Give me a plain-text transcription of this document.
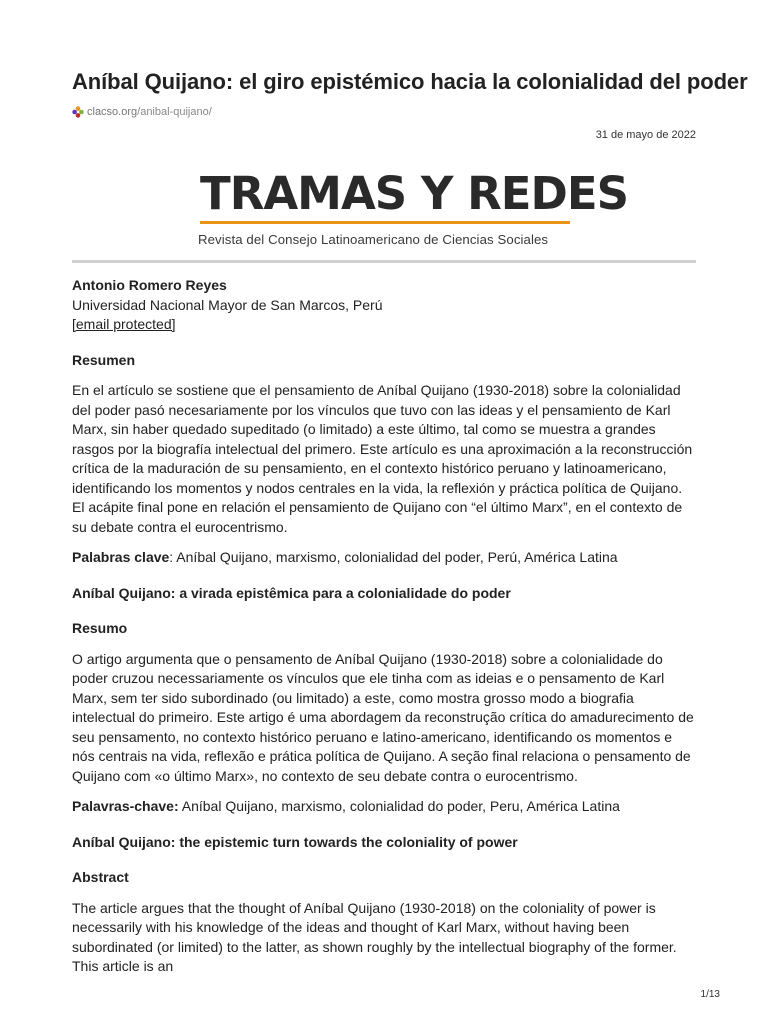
Aníbal Quijano: el giro epistémico hacia la colonialidad del poder
clacso.org/anibal-quijano/
31 de mayo de 2022
TRAMAS Y REDES
Revista del Consejo Latinoamericano de Ciencias Sociales
Antonio Romero Reyes
Universidad Nacional Mayor de San Marcos, Perú
[email protected]

Resumen

En el artículo se sostiene que el pensamiento de Aníbal Quijano (1930-2018) sobre la colonialidad del poder pasó necesariamente por los vínculos que tuvo con las ideas y el pensamiento de Karl Marx, sin haber quedado supeditado (o limitado) a este último, tal como se muestra a grandes rasgos por la biografía intelectual del primero. Este artículo es una aproximación a la reconstrucción crítica de la maduración de su pensamiento, en el contexto histórico peruano y latinoamericano, identificando los momentos y nodos centrales en la vida, la reflexión y práctica política de Quijano. El acápite final pone en relación el pensamiento de Quijano con “el último Marx”, en el contexto de su debate contra el eurocentrismo.

Palabras clave: Aníbal Quijano, marxismo, colonialidad del poder, Perú, América Latina

Aníbal Quijano: a virada epistêmica para a colonialidade do poder

Resumo

O artigo argumenta que o pensamento de Aníbal Quijano (1930-2018) sobre a colonialidade do poder cruzou necessariamente os vínculos que ele tinha com as ideias e o pensamento de Karl Marx, sem ter sido subordinado (ou limitado) a este, como mostra grosso modo a biografia intelectual do primeiro. Este artigo é uma abordagem da reconstrução crítica do amadurecimento de seu pensamento, no contexto histórico peruano e latino-americano, identificando os momentos e nós centrais na vida, reflexão e prática política de Quijano. A seção final relaciona o pensamento de Quijano com «o último Marx», no contexto de seu debate contra o eurocentrismo.

Palavras-chave: Aníbal Quijano, marxismo, colonialidad do poder, Peru, América Latina

Aníbal Quijano: the epistemic turn towards the coloniality of power

Abstract

The article argues that the thought of Aníbal Quijano (1930-2018) on the coloniality of power is necessarily with his knowledge of the ideas and thought of Karl Marx, without having been subordinated (or limited) to the latter, as shown roughly by the intellectual biography of the former. This article is an

1/13
